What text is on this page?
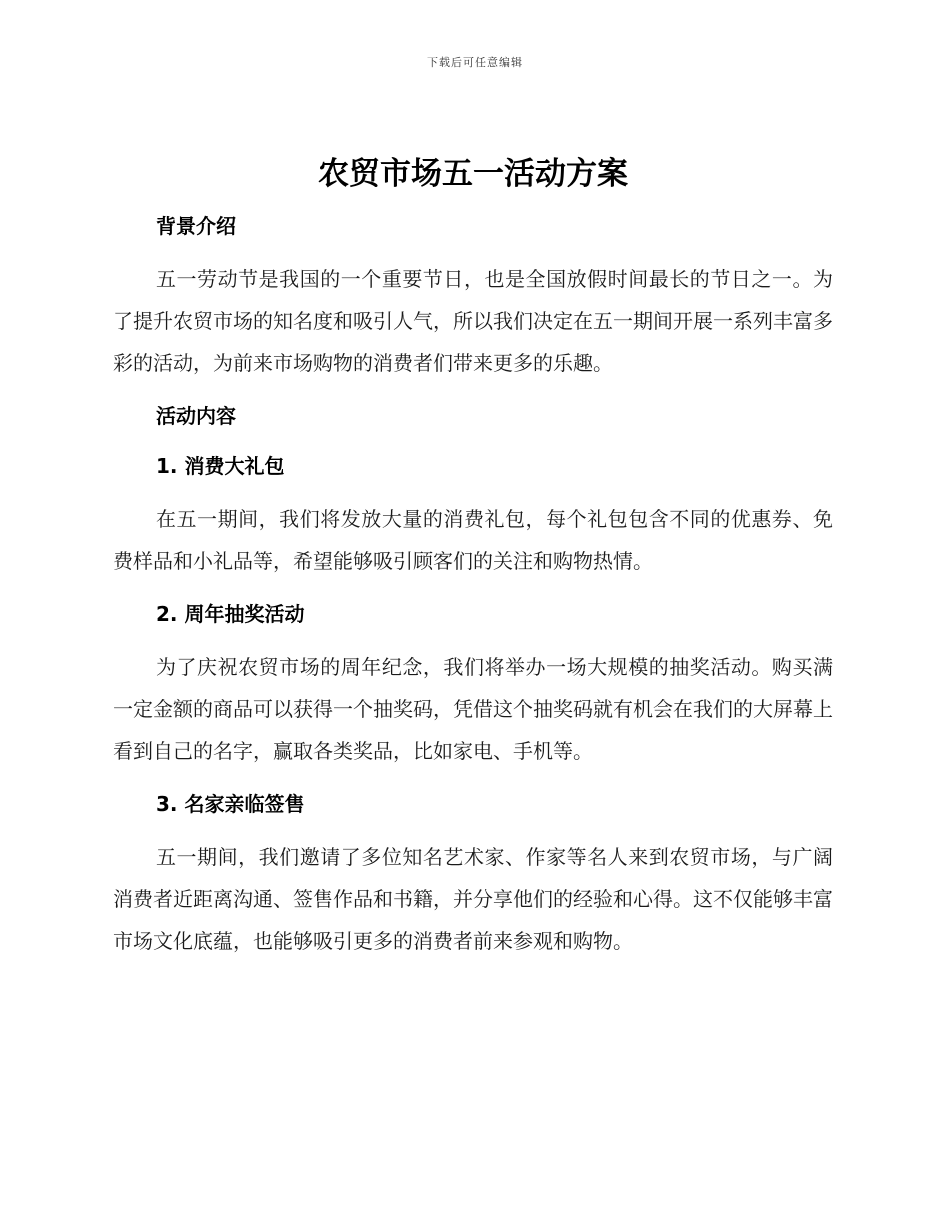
下载后可任意编辑
农贸市场五一活动方案
背景介绍

五一劳动节是我国的一个重要节日，也是全国放假时间最长的节日之一。为了提升农贸市场的知名度和吸引人气，所以我们决定在五一期间开展一系列丰富多彩的活动，为前来市场购物的消费者们带来更多的乐趣。

活动内容
1. 消费大礼包

在五一期间，我们将发放大量的消费礼包，每个礼包包含不同的优惠券、免费样品和小礼品等，希望能够吸引顾客们的关注和购物热情。

2. 周年抽奖活动

为了庆祝农贸市场的周年纪念，我们将举办一场大规模的抽奖活动。购买满一定金额的商品可以获得一个抽奖码，凭借这个抽奖码就有机会在我们的大屏幕上看到自己的名字，赢取各类奖品，比如家电、手机等。

3. 名家亲临签售

五一期间，我们邀请了多位知名艺术家、作家等名人来到农贸市场，与广阔消费者近距离沟通、签售作品和书籍，并分享他们的经验和心得。这不仅能够丰富市场文化底蕴，也能够吸引更多的消费者前来参观和购物。
